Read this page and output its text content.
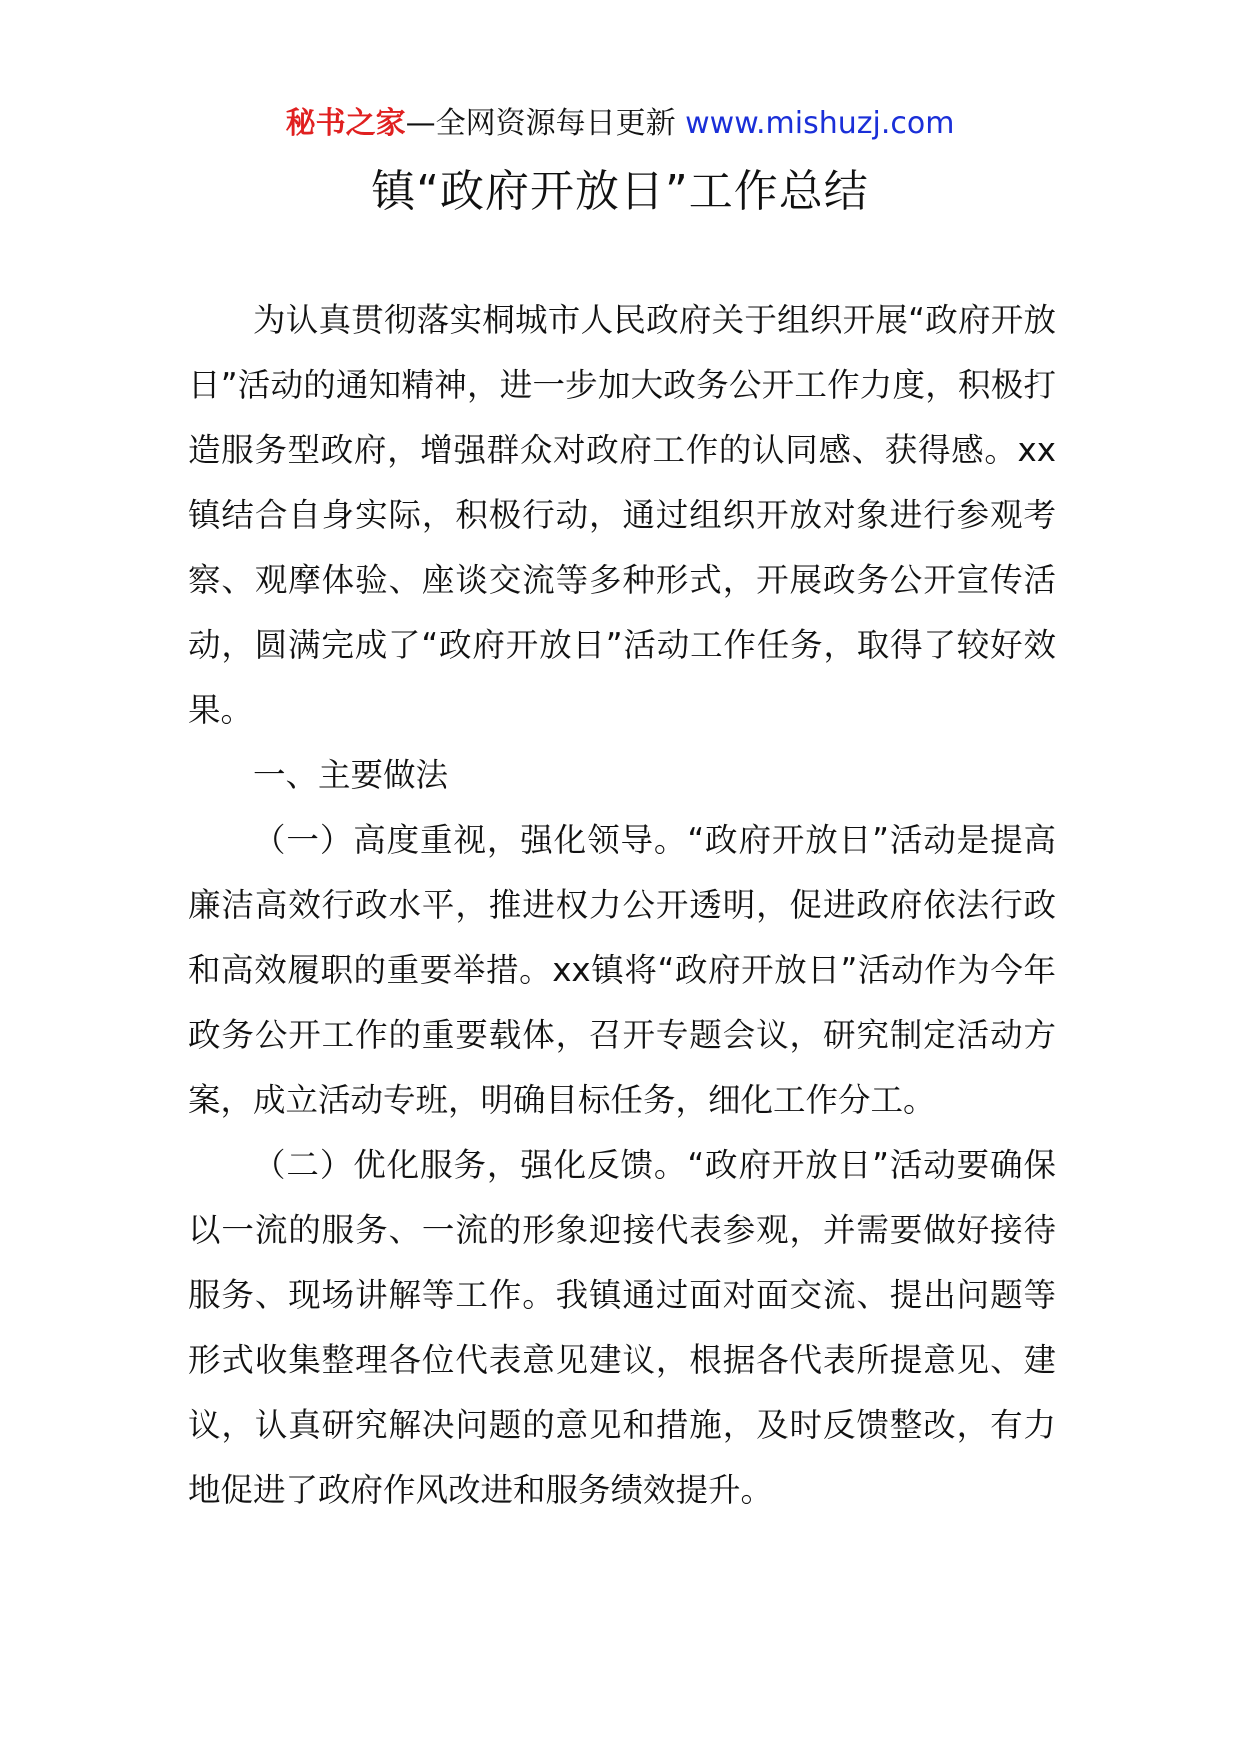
秘书之家—全网资源每日更新 www.mishuzj.com
镇“政府开放日”工作总结

为认真贯彻落实桐城市人民政府关于组织开展“政府开放日”活动的通知精神，进一步加大政务公开工作力度，积极打造服务型政府，增强群众对政府工作的认同感、获得感。xx镇结合自身实际，积极行动，通过组织开放对象进行参观考察、观摩体验、座谈交流等多种形式，开展政务公开宣传活动，圆满完成了“政府开放日”活动工作任务，取得了较好效果。

一、主要做法

（一）高度重视，强化领导。“政府开放日”活动是提高廉洁高效行政水平，推进权力公开透明，促进政府依法行政和高效履职的重要举措。xx镇将“政府开放日”活动作为今年政务公开工作的重要载体，召开专题会议，研究制定活动方案，成立活动专班，明确目标任务，细化工作分工。

（二）优化服务，强化反馈。“政府开放日”活动要确保以一流的服务、一流的形象迎接代表参观，并需要做好接待服务、现场讲解等工作。我镇通过面对面交流、提出问题等形式收集整理各位代表意见建议，根据各代表所提意见、建议，认真研究解决问题的意见和措施，及时反馈整改，有力地促进了政府作风改进和服务绩效提升。
